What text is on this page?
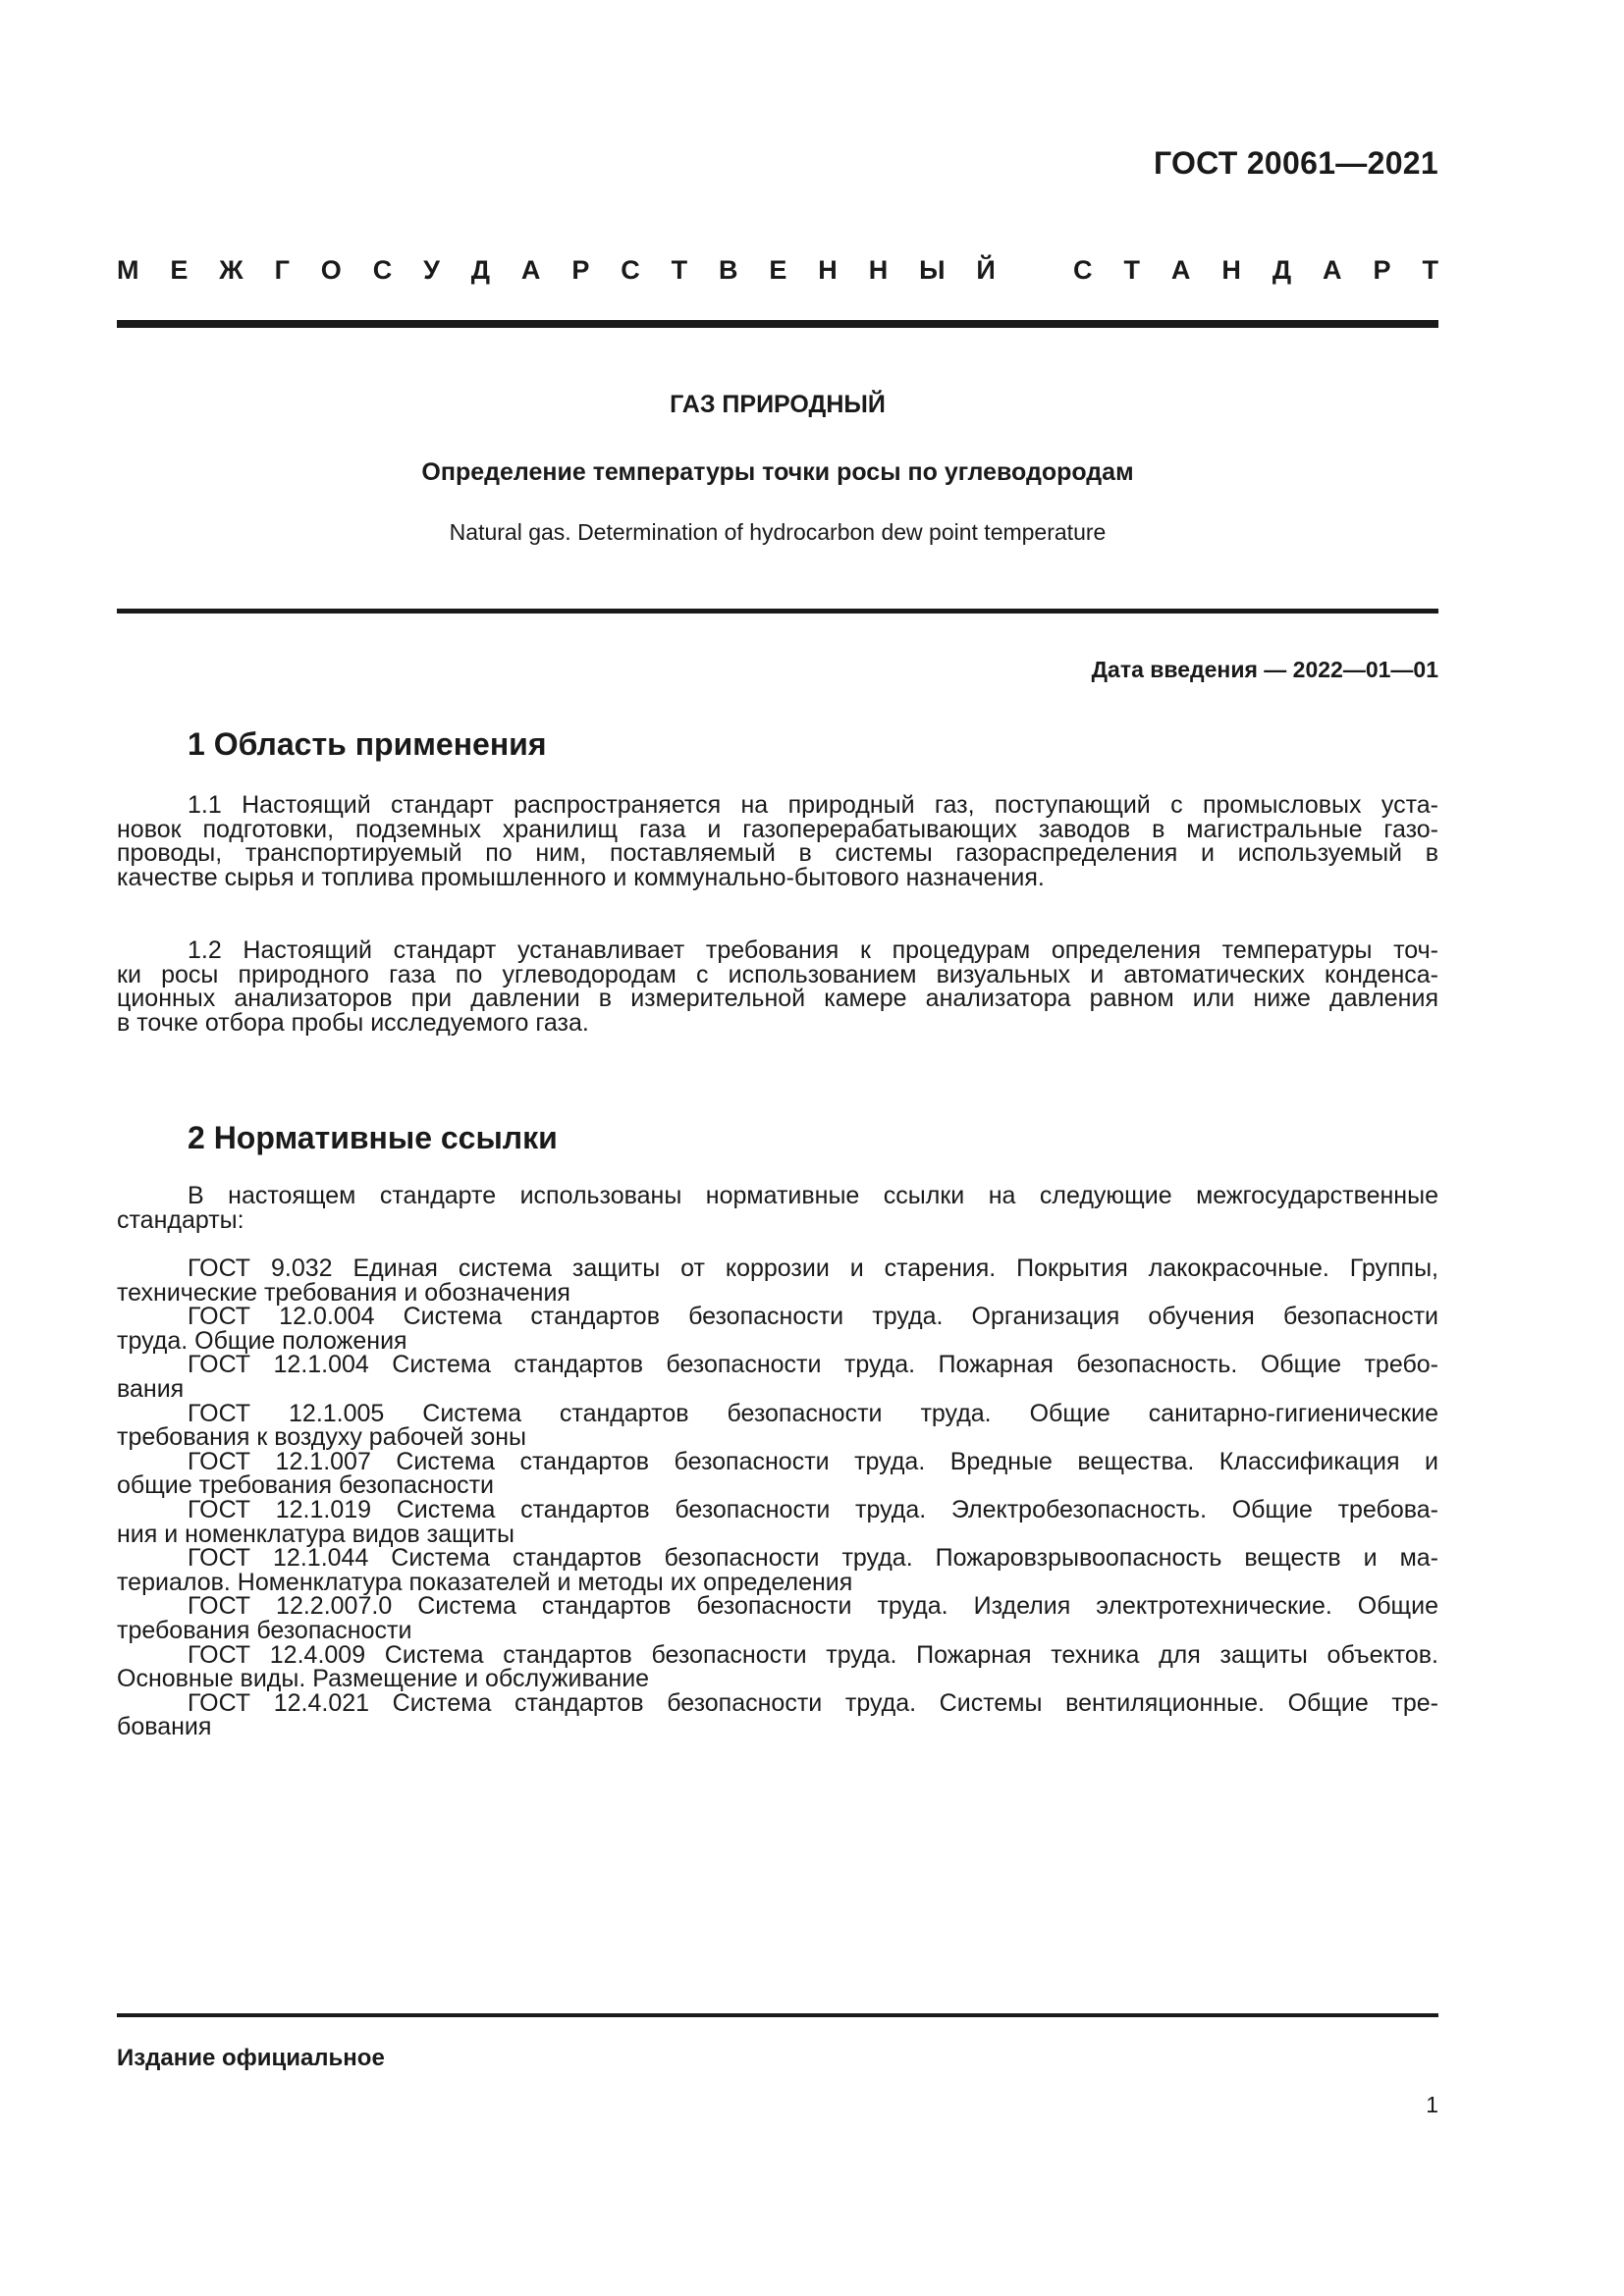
ГОСТ 20061—2021
М Е Ж Г О С У Д А Р С Т В Е Н Н Ы Й	С Т А Н Д А Р Т
ГАЗ ПРИРОДНЫЙ
Определение температуры точки росы по углеводородам
Natural gas. Determination of hydrocarbon dew point temperature
Дата введения — 2022—01—01
1 Область применения
1.1 Настоящий стандарт распространяется на природный газ, поступающий с промысловых уста-
новок подготовки, подземных хранилищ газа и газоперерабатывающих заводов в магистральные газо-
проводы, транспортируемый по ним, поставляемый в системы газораспределения и используемый в
качестве сырья и топлива промышленного и коммунально-бытового назначения.
1.2 Настоящий стандарт устанавливает требования к процедурам определения температуры точ-
ки росы природного газа по углеводородам с использованием визуальных и автоматических конденса-
ционных анализаторов при давлении в измерительной камере анализатора равном или ниже давления
в точке отбора пробы исследуемого газа.
2 Нормативные ссылки
В настоящем стандарте использованы нормативные ссылки на следующие межгосударственные
стандарты:
ГОСТ 9.032 Единая система защиты от коррозии и старения. Покрытия лакокрасочные. Группы,
технические требования и обозначения
ГОСТ 12.0.004 Система стандартов безопасности труда. Организация обучения безопасности
труда. Общие положения
ГОСТ 12.1.004 Система стандартов безопасности труда. Пожарная безопасность. Общие требо-
вания
ГОСТ 12.1.005 Система стандартов безопасности труда. Общие санитарно-гигиенические
требования к воздуху рабочей зоны
ГОСТ 12.1.007 Система стандартов безопасности труда. Вредные вещества. Классификация и
общие требования безопасности
ГОСТ 12.1.019 Система стандартов безопасности труда. Электробезопасность. Общие требова-
ния и номенклатура видов защиты
ГОСТ 12.1.044 Система стандартов безопасности труда. Пожаровзрывоопасность веществ и ма-
териалов. Номенклатура показателей и методы их определения
ГОСТ 12.2.007.0 Система стандартов безопасности труда. Изделия электротехнические. Общие
требования безопасности
ГОСТ 12.4.009 Система стандартов безопасности труда. Пожарная техника для защиты объектов.
Основные виды. Размещение и обслуживание
ГОСТ 12.4.021 Система стандартов безопасности труда. Системы вентиляционные. Общие тре-
бования
Издание официальное
1
